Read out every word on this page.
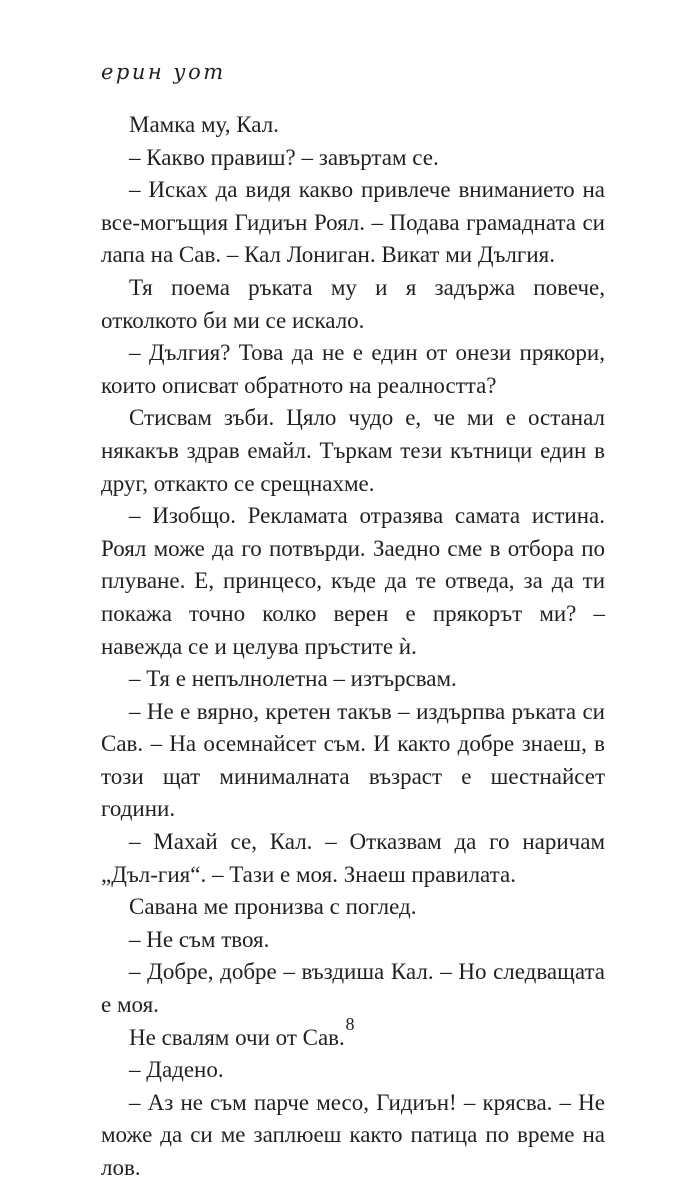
ерин уот

Мамка му, Кал.

– Какво правиш? – завъртам се.

– Исках да видя какво привлече вниманието на все-могъщия Гидиън Роял. – Подава грамадната си лапа на Сав. – Кал Лониган. Викат ми Дългия.

Тя поема ръката му и я задържа повече, отколкото би ми се искало.

– Дългия? Това да не е един от онези прякори, които описват обратното на реалността?

Стисвам зъби. Цяло чудо е, че ми е останал някакъв здрав емайл. Търкам тези кътници един в друг, откакто се срещнахме.

– Изобщо. Рекламата отразява самата истина. Роял може да го потвърди. Заедно сме в отбора по плуване. Е, принцесо, къде да те отведа, за да ти покажа точно колко верен е прякорът ми? – навежда се и целува пръстите ѝ.

– Тя е непълнолетна – изтърсвам.

– Не е вярно, кретен такъв – издърпва ръката си Сав. – На осемнайсет съм. И както добре знаеш, в този щат минималната възраст е шестнайсет години.

– Махай се, Кал. – Отказвам да го наричам „Дъл-гия“. – Тази е моя. Знаеш правилата.

Савана ме пронизва с поглед.

– Не съм твоя.

– Добре, добре – въздиша Кал. – Но следващата е моя.

Не свалям очи от Сав.

– Дадено.

– Аз не съм парче месо, Гидиън! – крясва. – Не може да си ме заплюеш както патица по време на лов.

8
